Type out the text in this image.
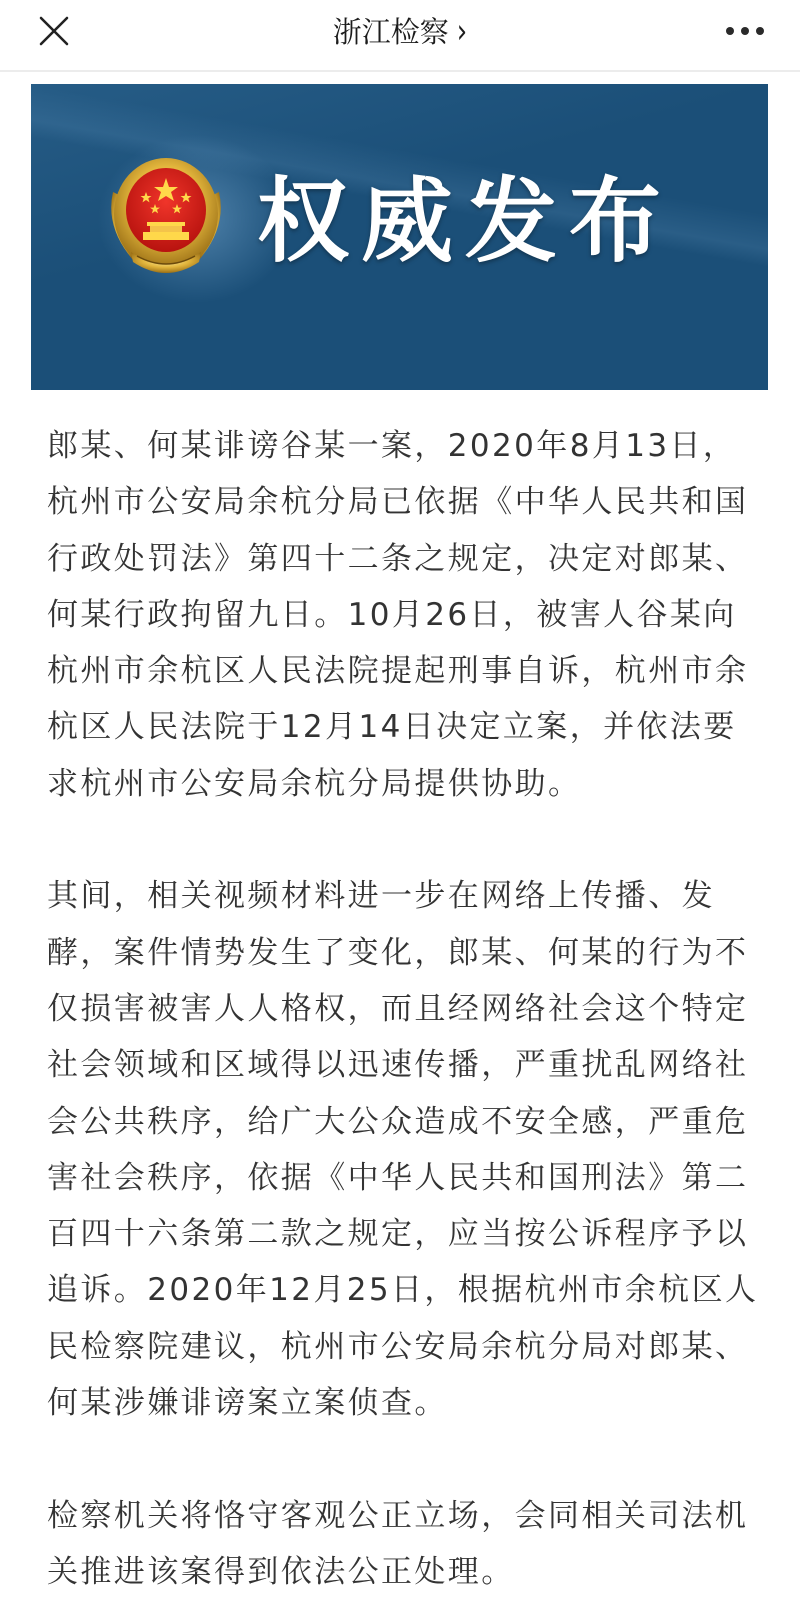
浙江检察 ›
权威发布
郎某、何某诽谤谷某一案，2020年8月13日，
杭州市公安局余杭分局已依据《中华人民共和国
行政处罚法》第四十二条之规定，决定对郎某、
何某行政拘留九日。10月26日，被害人谷某向
杭州市余杭区人民法院提起刑事自诉，杭州市余
杭区人民法院于12月14日决定立案，并依法要
求杭州市公安局余杭分局提供协助。
其间，相关视频材料进一步在网络上传播、发
酵，案件情势发生了变化，郎某、何某的行为不
仅损害被害人人格权，而且经网络社会这个特定
社会领域和区域得以迅速传播，严重扰乱网络社
会公共秩序，给广大公众造成不安全感，严重危
害社会秩序，依据《中华人民共和国刑法》第二
百四十六条第二款之规定，应当按公诉程序予以
追诉。2020年12月25日，根据杭州市余杭区人
民检察院建议，杭州市公安局余杭分局对郎某、
何某涉嫌诽谤案立案侦查。
检察机关将恪守客观公正立场，会同相关司法机
关推进该案得到依法公正处理。
